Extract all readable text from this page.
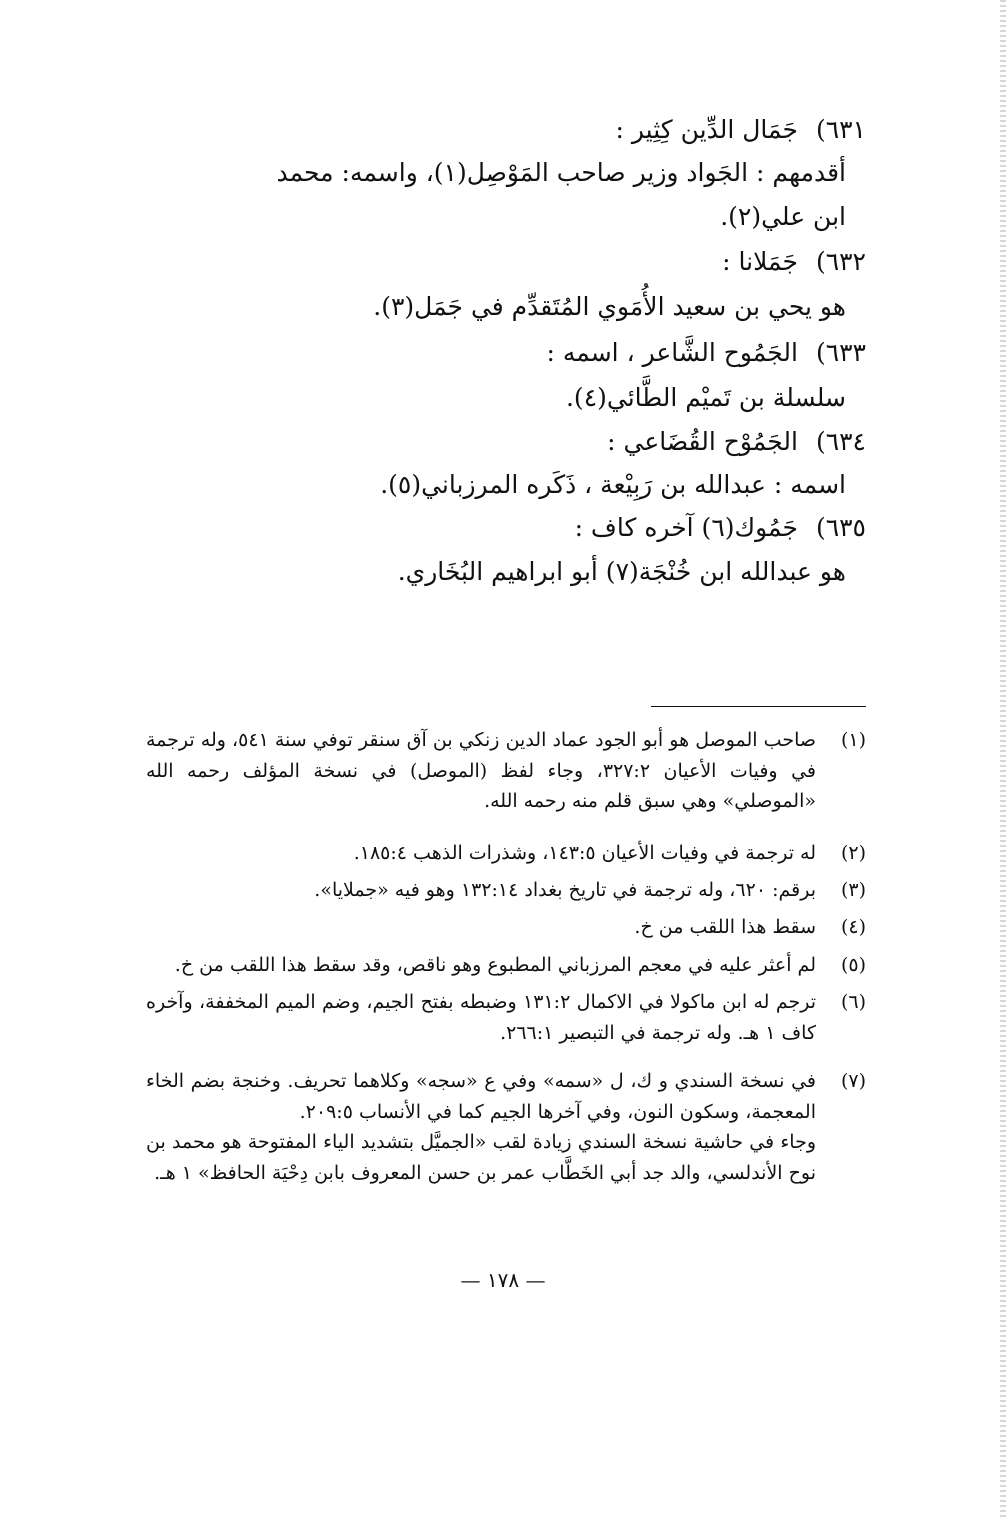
٦٣١)جَمَال الدِّين كِثِير :
أقدمهم : الجَواد وزير صاحب المَوْصِل(١)، واسمه: محمد
ابن علي(٢).
٦٣٢)جَمَلانا :
هو يحي بن سعيد الأُمَوي المُتَقدِّم في جَمَل(٣).
٦٣٣)الجَمُوح الشَّاعر ، اسمه :
سلسلة بن تَميْم الطَّائي(٤).
٦٣٤)الجَمُوْح القُضَاعي :
اسمه : عبدالله بن رَبِيْعة ، ذَكَره المرزباني(٥).
٦٣٥)جَمُوك(٦) آخره كاف :
هو عبدالله ابن خُنْجَة(٧) أبو ابراهيم البُخَاري.
(١)

صاحب الموصل هو أبو الجود عماد الدين زنكي بن آق سنقر توفي سنة ٥٤١، وله ترجمة في وفيات الأعيان ٣٢٧:٢، وجاء لفظ (الموصل) في نسخة المؤلف رحمه الله «الموصلي» وهي سبق قلم منه رحمه الله.

(٢)

له ترجمة في وفيات الأعيان ١٤٣:٥، وشذرات الذهب ١٨٥:٤.

(٣)

برقم: ٦٢٠، وله ترجمة في تاريخ بغداد ١٣٢:١٤ وهو فيه «جملايا».

(٤)

سقط هذا اللقب من خ.

(٥)

لم أعثر عليه في معجم المرزباني المطبوع وهو ناقص، وقد سقط هذا اللقب من خ.

(٦)

ترجم له ابن ماكولا في الاكمال ١٣١:٢ وضبطه بفتح الجيم، وضم الميم المخففة، وآخره كاف ١ هـ. وله ترجمة في التبصير ٢٦٦:١.

(٧)

في نسخة السندي و ك، ل «سمه» وفي ع «سجه» وكلاهما تحريف. وخنجة بضم الخاء المعجمة، وسكون النون، وفي آخرها الجيم كما في الأنساب ٢٠٩:٥.

وجاء في حاشية نسخة السندي زيادة لقب «الجميَّل بتشديد الياء المفتوحة هو محمد بن نوح الأندلسي، والد جد أبي الخَطَّاب عمر بن حسن المعروف بابن دِحْيَة الحافظ» ١ هـ.

— ١٧٨ —
